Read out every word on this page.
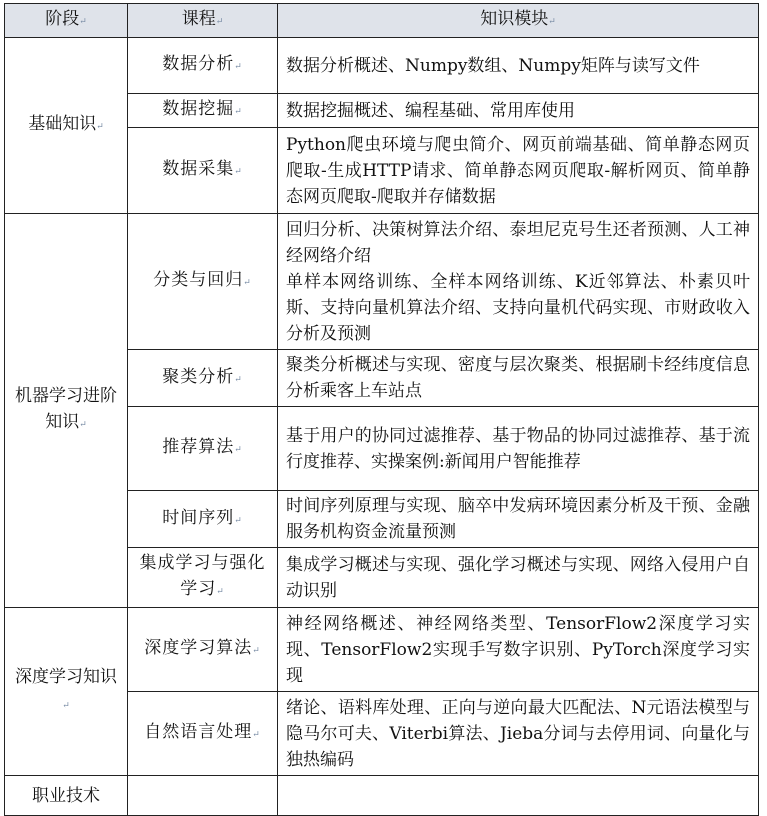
阶段↵	课程↵	知识模块↵
基础知识↵	数据分析↵	数据分析概述、Numpy数组、Numpy矩阵与读写文件

	数据挖掘↵	数据挖掘概述、编程基础、常用库使用

	数据采集↵	Python爬虫环境与爬虫简介、网页前端基础、简单静态网页爬取-生成HTTP请求、简单静态网页爬取-解析网页、简单静态网页爬取-爬取并存储数据

机器学习进阶知识↵	分类与回归↵	回归分析、决策树算法介绍、泰坦尼克号生还者预测、人工神经网络介绍
单样本网络训练、全样本网络训练、K近邻算法、朴素贝叶斯、支持向量机算法介绍、支持向量机代码实现、市财政收入分析及预测

	聚类分析↵	聚类分析概述与实现、密度与层次聚类、根据刷卡经纬度信息分析乘客上车站点

	推荐算法↵	基于用户的协同过滤推荐、基于物品的协同过滤推荐、基于流行度推荐、实操案例:新闻用户智能推荐

	时间序列↵	时间序列原理与实现、脑卒中发病环境因素分析及干预、金融服务机构资金流量预测

	集成学习与强化学习↵	集成学习概述与实现、强化学习概述与实现、网络入侵用户自动识别

深度学习知识↵	深度学习算法↵	神经网络概述、神经网络类型、TensorFlow2深度学习实现、TensorFlow2实现手写数字识别、PyTorch深度学习实现

	自然语言处理↵	绪论、语料库处理、正向与逆向最大匹配法、N元语法模型与隐马尔可夫、Viterbi算法、Jieba分词与去停用词、向量化与独热编码

职业技术		
